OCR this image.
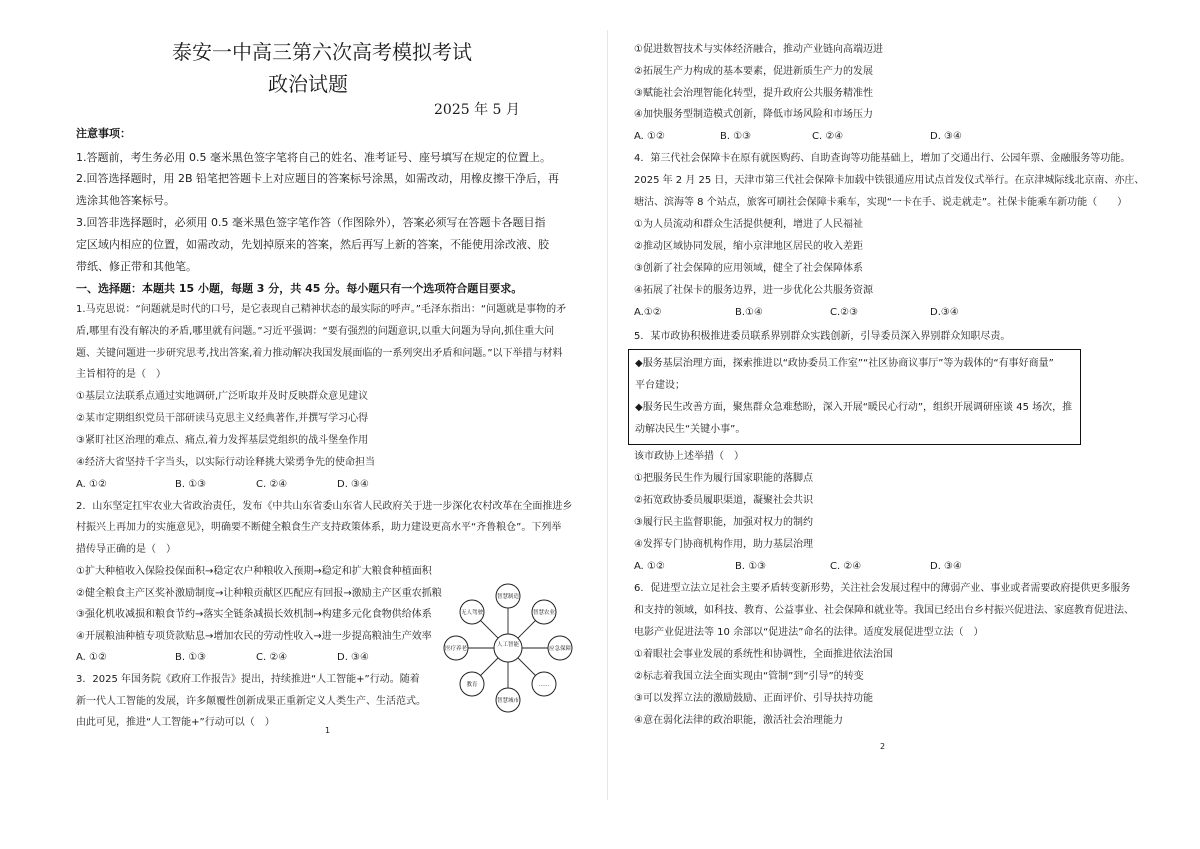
泰安一中高三第六次高考模拟考试
政治试题
2025 年 5 月
注意事项：
1.答题前，考生务必用 0.5 毫米黑色签字笔将自己的姓名、准考证号、座号填写在规定的位置上。
2.回答选择题时，用 2B 铅笔把答题卡上对应题目的答案标号涂黑，如需改动，用橡皮擦干净后，再
选涂其他答案标号。
3.回答非选择题时，必须用 0.5 毫米黑色签字笔作答（作图除外），答案必须写在答题卡各题目指
定区域内相应的位置，如需改动，先划掉原来的答案，然后再写上新的答案，不能使用涂改液、胶
带纸、修正带和其他笔。
一、选择题：本题共 15 小题，每题 3 分，共 45 分。每小题只有一个选项符合题目要求。
1.马克思说：“问题就是时代的口号，是它表现自己精神状态的最实际的呼声。”毛泽东指出：“问题就是事物的矛
盾,哪里有没有解决的矛盾,哪里就有问题。”习近平强调：“要有强烈的问题意识,以重大问题为导向,抓住重大问
题、关键问题进一步研究思考,找出答案,着力推动解决我国发展面临的一系列突出矛盾和问题。”以下举措与材料
主旨相符的是（　）
①基层立法联系点通过实地调研,广泛听取并及时反映群众意见建议
②某市定期组织党员干部研读马克思主义经典著作,并撰写学习心得
③紧盯社区治理的难点、痛点,着力发挥基层党组织的战斗堡垒作用
④经济大省坚持千字当头，以实际行动诠释挑大梁勇争先的使命担当
A. ①②	B. ①③	C. ②④	D. ③④
2．山东坚定扛牢农业大省政治责任，发布《中共山东省委山东省人民政府关于进一步深化农村改革在全面推进乡
村振兴上再加力的实施意见》，明确要不断健全粮食生产支持政策体系，助力建设更高水平“齐鲁粮仓”。下列举
措传导正确的是（　）
①扩大种植收入保险投保面积→稳定农户种粮收入预期→稳定和扩大粮食种植面积
②健全粮食主产区奖补激励制度→让种粮贡献区匹配应有回报→激励主产区重农抓粮
③强化机收减损和粮食节约→落实全链条减损长效机制→构建多元化食物供给体系
④开展粮油种植专项贷款贴息→增加农民的劳动性收入→进一步提高粮油生产效率
A. ①②	B. ①③	C. ②④	D. ③④
3．2025 年国务院《政府工作报告》提出，持续推进“人工智能+”行动。随着
新一代人工智能的发展，许多颠覆性创新成果正重新定义人类生产、生活范式。
由此可见，推进“人工智能+”行动可以（　）
人工智能
智慧制造
智慧农业
应急保障
……
智慧城市
教育
医疗养老
无人驾驶
1
①促进数智技术与实体经济融合，推动产业链向高端迈进
②拓展生产力构成的基本要素，促进新质生产力的发展
③赋能社会治理智能化转型，提升政府公共服务精准性
④加快服务型制造模式创新，降低市场风险和市场压力
A. ①②	B. ①③	C. ②④	D. ③④
4．第三代社会保障卡在原有就医购药、自助查询等功能基础上，增加了交通出行、公园年票、金融服务等功能。
2025 年 2 月 25 日，天津市第三代社会保障卡加载中铁银通应用试点首发仪式举行。在京津城际线北京南、亦庄、
塘沽、滨海等 8 个站点，旅客可刷社会保障卡乘车，实现“一卡在手、说走就走”。社保卡能乘车新功能（　　）
①为人员流动和群众生活提供便利，增进了人民福祉
②推动区域协同发展，缩小京津地区居民的收入差距
③创新了社会保障的应用领域，健全了社会保障体系
④拓展了社保卡的服务边界，进一步优化公共服务资源
A.①②	B.①④	C.②③	D.③④
5．某市政协积极推进委员联系界别群众实践创新，引导委员深入界别群众知职尽责。
◆服务基层治理方面，探索推进以“政协委员工作室”“社区协商议事厅”等为载体的“有事好商量”
平台建设；
◆服务民生改善方面，聚焦群众急难愁盼，深入开展“暖民心行动”，组织开展调研座谈 45 场次，推
动解决民生“关键小事”。
该市政协上述举措（　）
①把服务民生作为履行国家职能的落脚点
②拓宽政协委员履职渠道，凝聚社会共识
③履行民主监督职能，加强对权力的制约
④发挥专门协商机构作用，助力基层治理
A. ①②	B. ①③	C. ②④	D. ③④
6．促进型立法立足社会主要矛盾转变新形势，关注社会发展过程中的薄弱产业、事业或者需要政府提供更多服务
和支持的领域，如科技、教育、公益事业、社会保障和就业等。我国已经出台乡村振兴促进法、家庭教育促进法、
电影产业促进法等 10 余部以“促进法”命名的法律。适度发展促进型立法（　）
①着眼社会事业发展的系统性和协调性，全面推进依法治国
②标志着我国立法全面实现由“管制”到“引导”的转变
③可以发挥立法的激励鼓励、正面评价、引导扶持功能
④意在弱化法律的政治职能，激活社会治理能力
2
